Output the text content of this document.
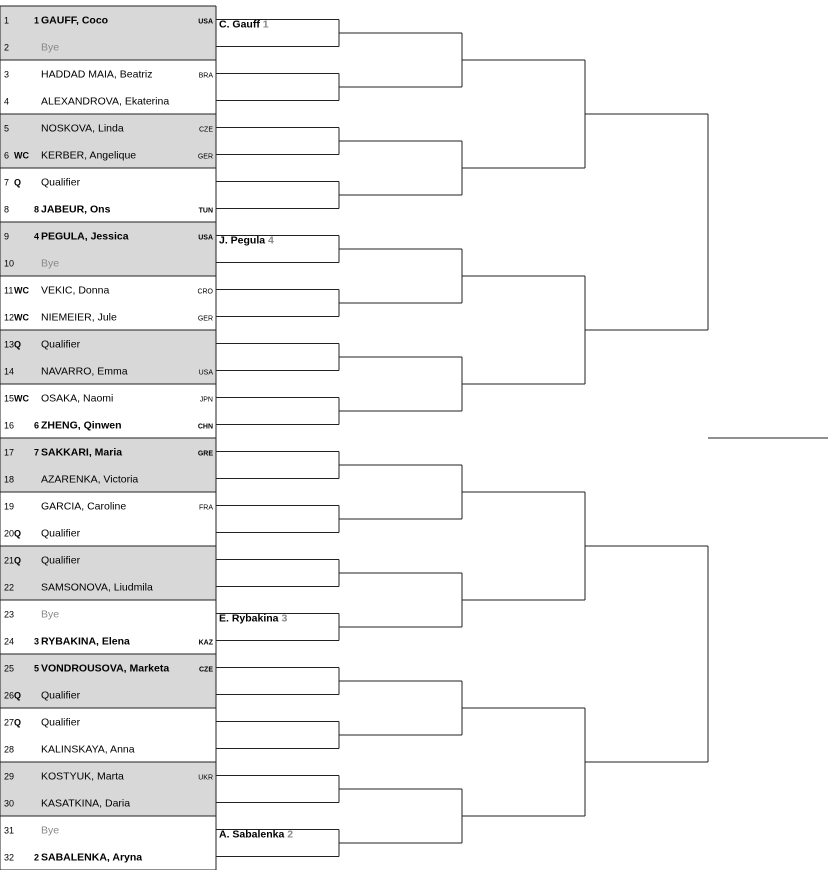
1	1 GAUFF, Coco	USA
2	Bye
3	HADDAD MAIA, Beatriz	BRA
4	ALEXANDROVA, Ekaterina
5	NOSKOVA, Linda	CZE
6 WC KERBER, Angelique	GER
7 Q Qualifier
8	8 JABEUR, Ons	TUN
9	4 PEGULA, Jessica	USA
10	Bye
11 WC VEKIC, Donna	CRO
12 WC NIEMEIER, Jule	GER
13 Q Qualifier
14	NAVARRO, Emma	USA
15 WC OSAKA, Naomi	JPN
16 6 ZHENG, Qinwen	CHN
17 7 SAKKARI, Maria	GRE
18	AZARENKA, Victoria
19	GARCIA, Caroline	FRA
20 Q Qualifier
21 Q Qualifier
22	SAMSONOVA, Liudmila
23	Bye
24 3 RYBAKINA, Elena	KAZ
25 5 VONDROUSOVA, Marketa	CZE
26 Q Qualifier
27 Q Qualifier
28	KALINSKAYA, Anna
29	KOSTYUK, Marta	UKR
30	KASATKINA, Daria
31	Bye
32 2 SABALENKA, Aryna
C. Gauff 1
J. Pegula 4
E. Rybakina 3
A. Sabalenka 2
